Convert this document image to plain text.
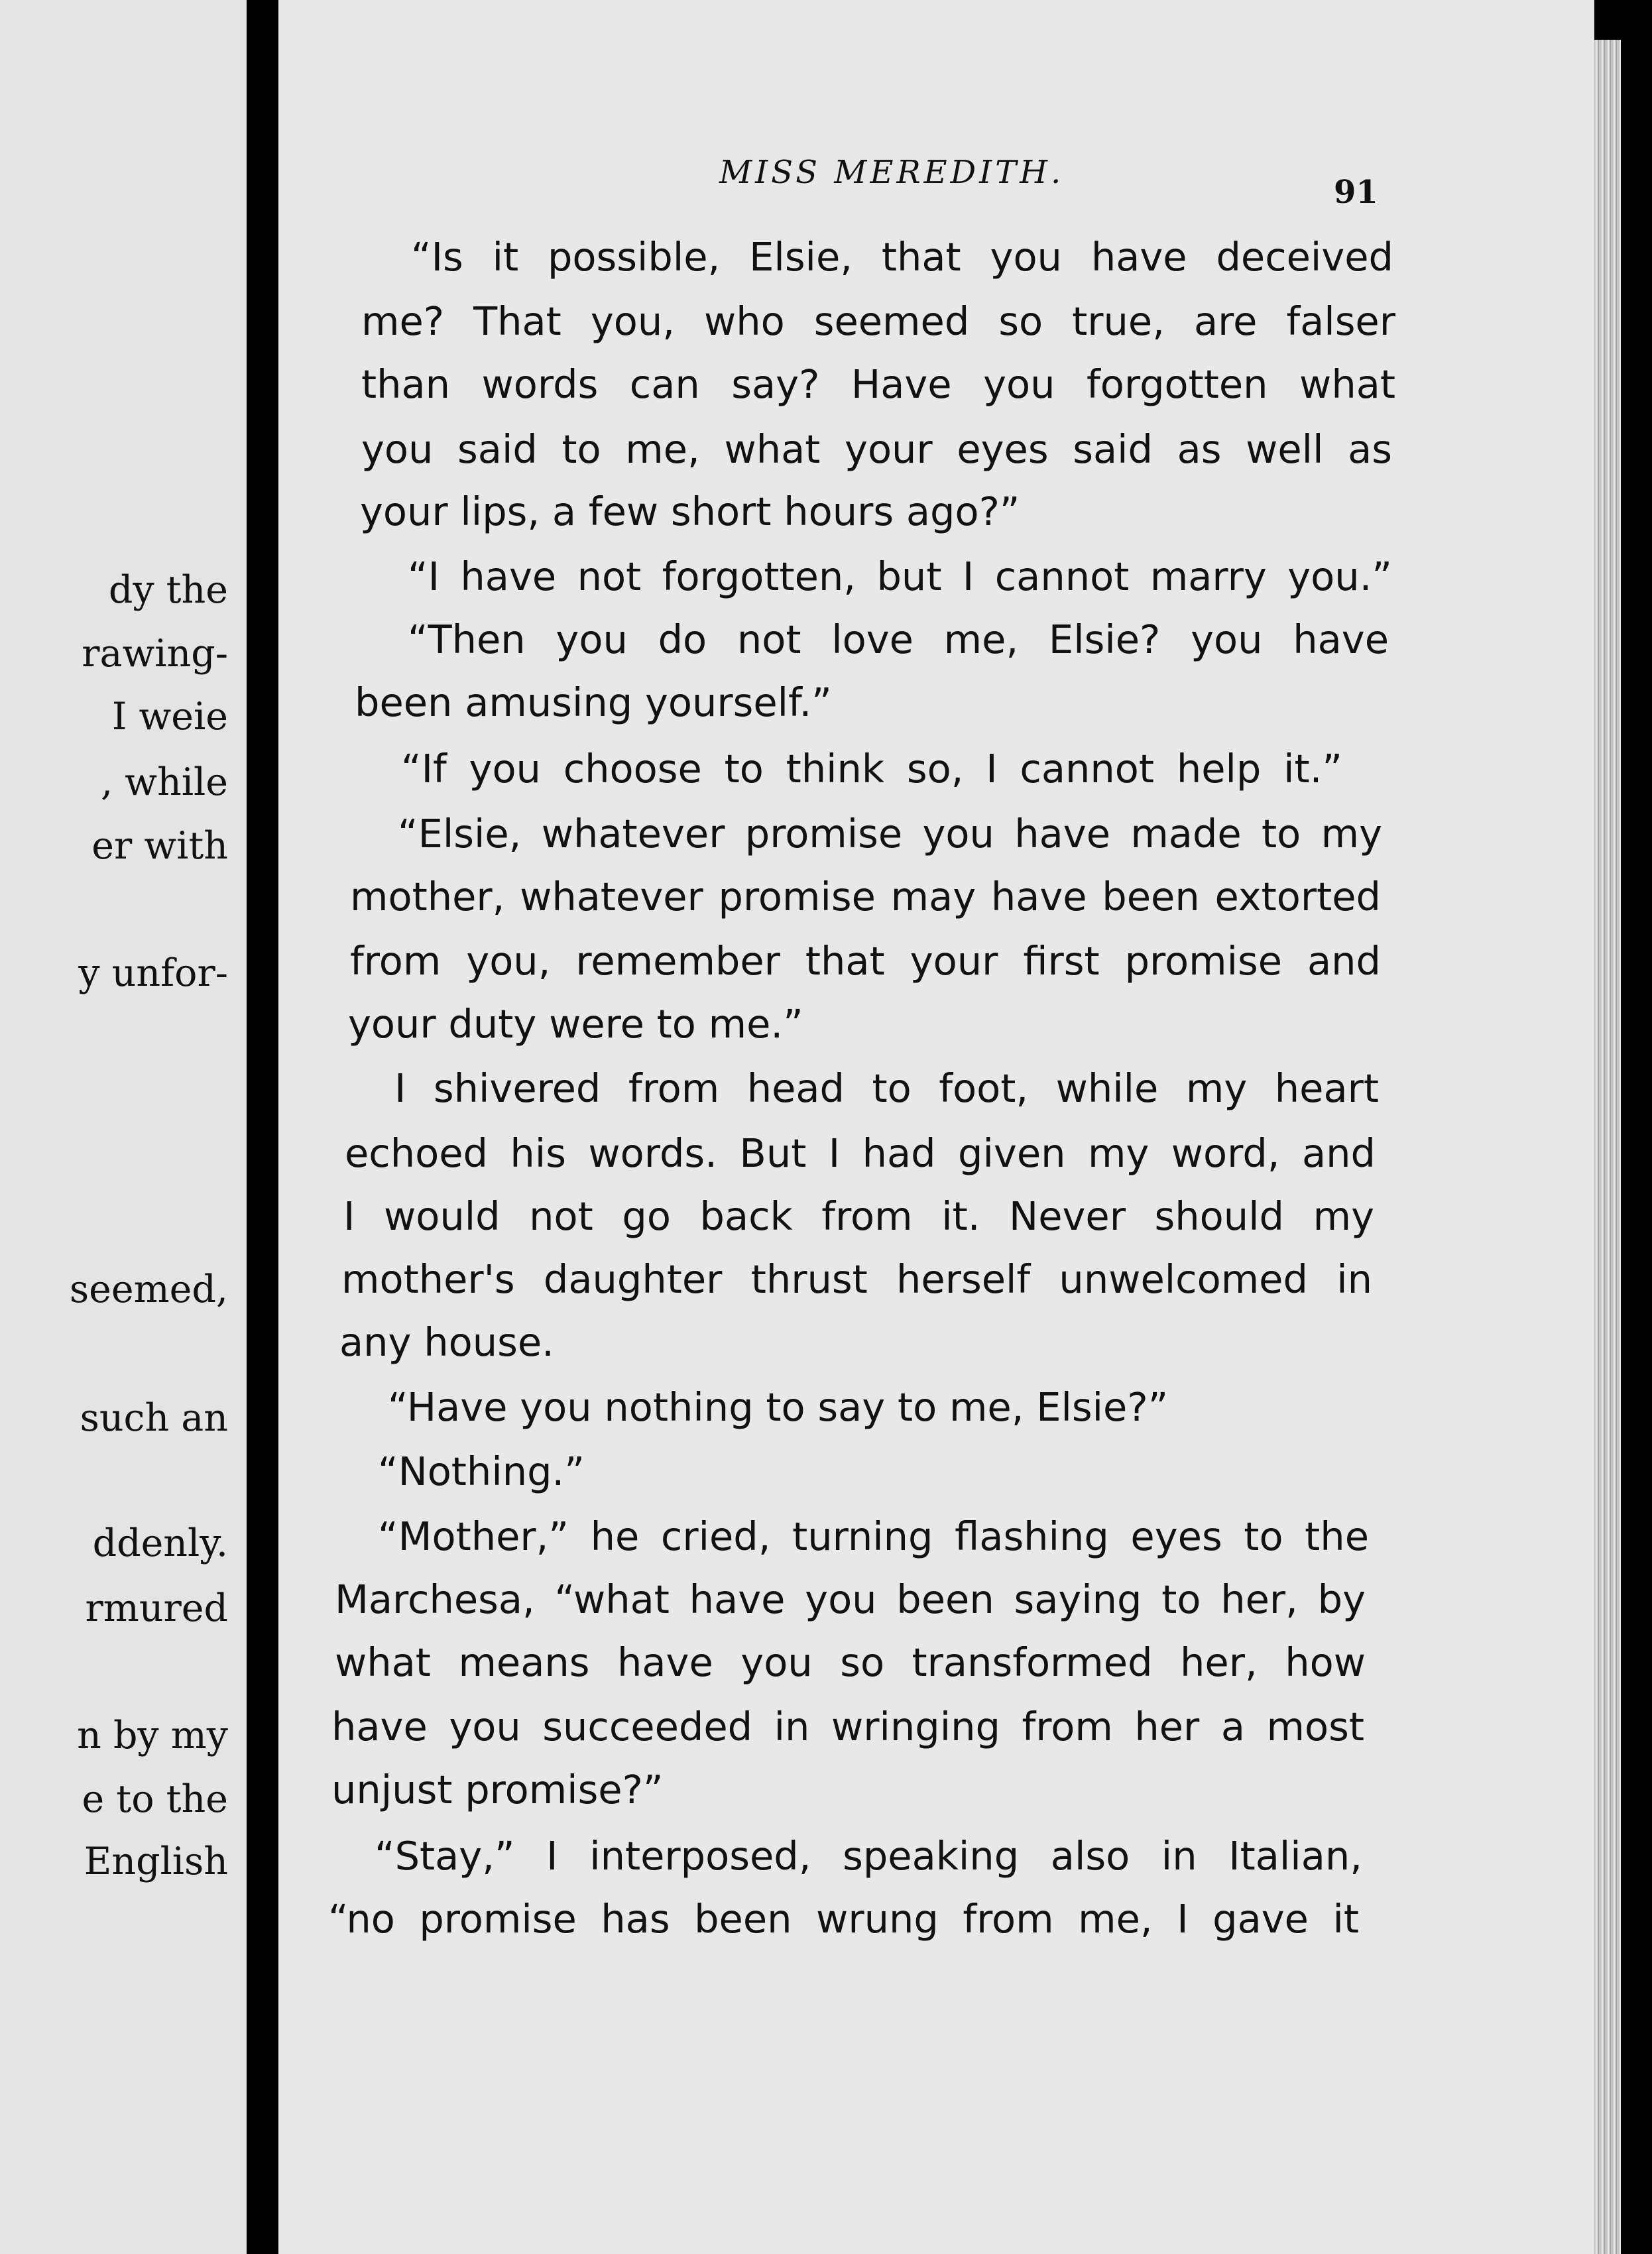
dy the
rawing-
I weie
, while
er with
y unfor-
seemed,
such an
ddenly.
rmured
n by my
e to the
English
MISS MEREDITH.
91
“Is it possible, Elsie, that you have deceived
me? That you, who seemed so true, are falser
than words can say? Have you forgotten what
you said to me, what your eyes said as well as
your lips, a few short hours ago?”
“I have not forgotten, but I cannot marry you.”
“Then you do not love me, Elsie? you have
been amusing yourself.”
“If you choose to think so, I cannot help it.”
“Elsie, whatever promise you have made to my
mother, whatever promise may have been extorted
from you, remember that your first promise and
your duty were to me.”
I shivered from head to foot, while my heart
echoed his words. But I had given my word, and
I would not go back from it. Never should my
mother's daughter thrust herself unwelcomed in
any house.
“Have you nothing to say to me, Elsie?”
“Nothing.”
“Mother,” he cried, turning flashing eyes to the
Marchesa, “what have you been saying to her, by
what means have you so transformed her, how
have you succeeded in wringing from her a most
unjust promise?”
“Stay,” I interposed, speaking also in Italian,
“no promise has been wrung from me, I gave it
